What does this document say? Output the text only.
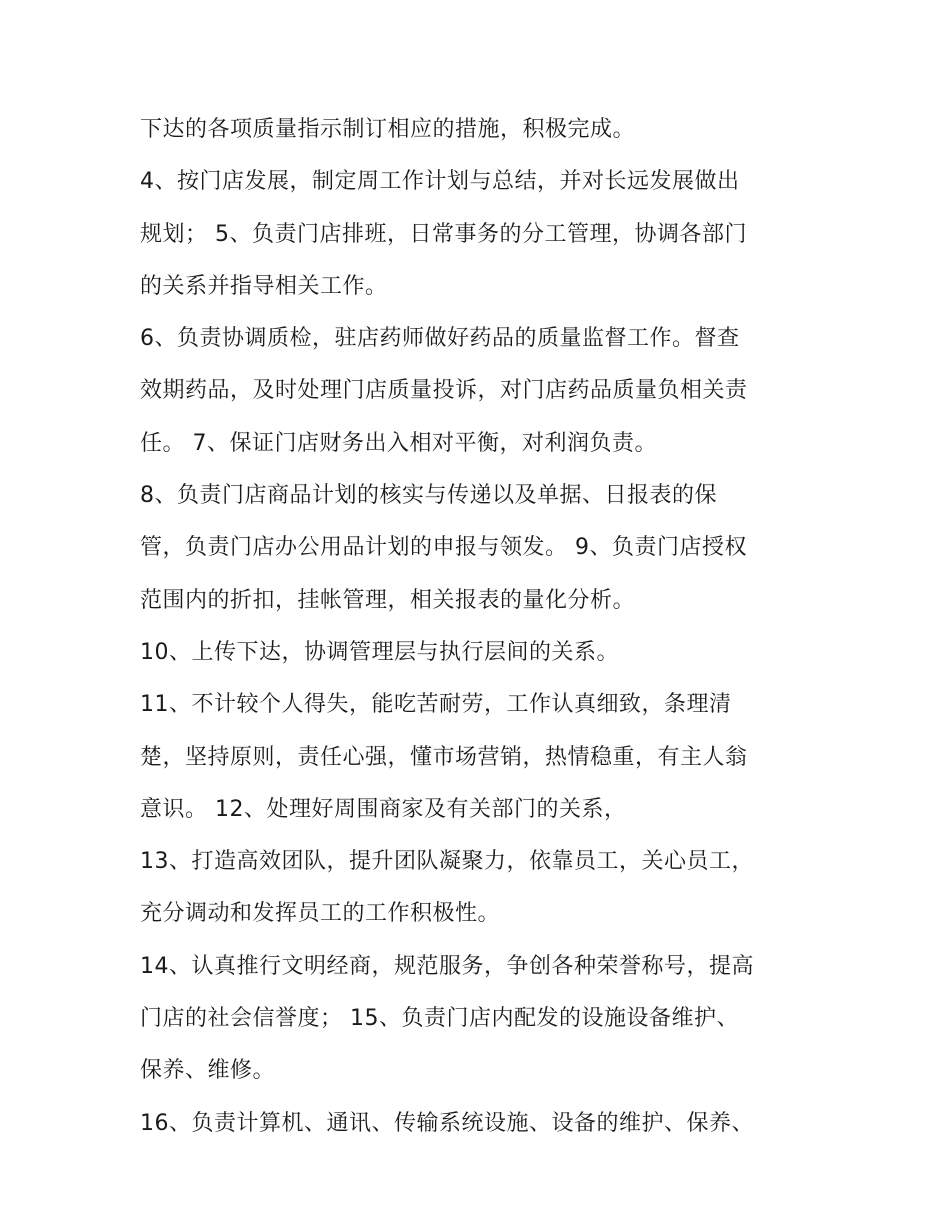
下达的各项质量指示制订相应的措施，积极完成。
4、按门店发展，制定周工作计划与总结，并对长远发展做出
规划； 5、负责门店排班，日常事务的分工管理，协调各部门
的关系并指导相关工作。
6、负责协调质检，驻店药师做好药品的质量监督工作。督查
效期药品，及时处理门店质量投诉，对门店药品质量负相关责
任。 7、保证门店财务出入相对平衡，对利润负责。
8、负责门店商品计划的核实与传递以及单据、日报表的保
管，负责门店办公用品计划的申报与领发。 9、负责门店授权
范围内的折扣，挂帐管理，相关报表的量化分析。
10、上传下达，协调管理层与执行层间的关系。
11、不计较个人得失，能吃苦耐劳，工作认真细致，条理清
楚，坚持原则，责任心强，懂市场营销，热情稳重，有主人翁
意识。 12、处理好周围商家及有关部门的关系，
13、打造高效团队，提升团队凝聚力，依靠员工，关心员工，
充分调动和发挥员工的工作积极性。
14、认真推行文明经商，规范服务，争创各种荣誉称号，提高
门店的社会信誉度； 15、负责门店内配发的设施设备维护、
保养、维修。
16、负责计算机、通讯、传输系统设施、设备的维护、保养、
